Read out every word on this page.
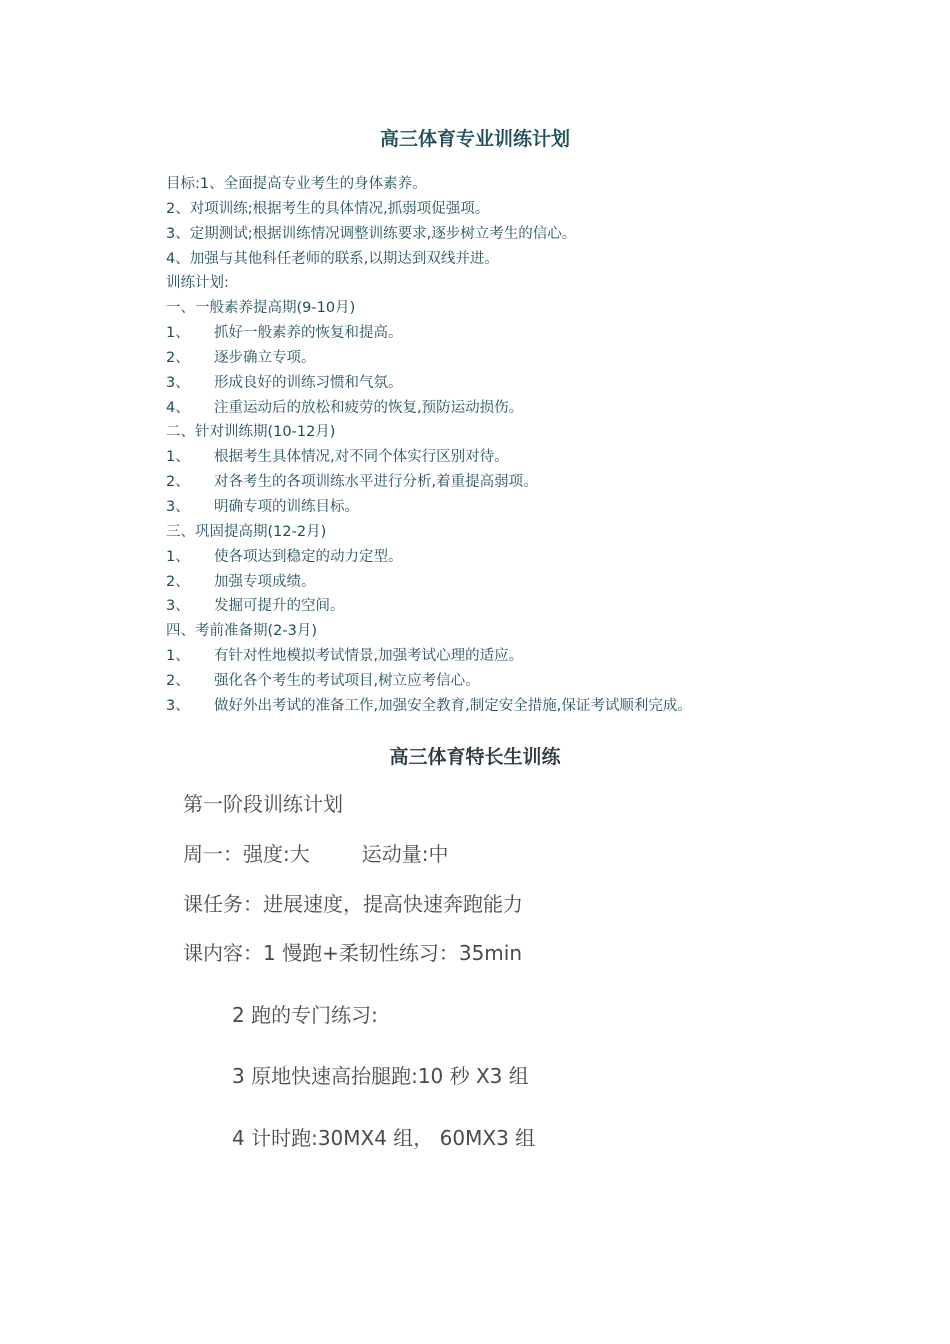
高三体育专业训练计划
目标:1、全面提高专业考生的身体素养。
2、对项训练;根据考生的具体情况,抓弱项促强项。
3、定期测试;根据训练情况调整训练要求,逐步树立考生的信心。
4、加强与其他科任老师的联系,以期达到双线并进。
训练计划:
一、一般素养提高期(9-10月)
1、 抓好一般素养的恢复和提高。
2、 逐步确立专项。
3、 形成良好的训练习惯和气氛。
4、 注重运动后的放松和疲劳的恢复,预防运动损伤。
二、针对训练期(10-12月)
1、 根据考生具体情况,对不同个体实行区别对待。
2、 对各考生的各项训练水平进行分析,着重提高弱项。
3、 明确专项的训练目标。
三、巩固提高期(12-2月)
1、 使各项达到稳定的动力定型。
2、 加强专项成绩。
3、 发掘可提升的空间。
四、考前准备期(2-3月)
1、 有针对性地模拟考试情景,加强考试心理的适应。
2、 强化各个考生的考试项目,树立应考信心。
3、 做好外出考试的准备工作,加强安全教育,制定安全措施,保证考试顺利完成。
高三体育特长生训练
第一阶段训练计划
周一：强度:大	运动量:中
课任务：进展速度，提高快速奔跑能力
课内容：1 慢跑+柔韧性练习：35min
2 跑的专门练习:
3 原地快速高抬腿跑:10 秒 X3 组
4 计时跑:30MX4 组， 60MX3 组
